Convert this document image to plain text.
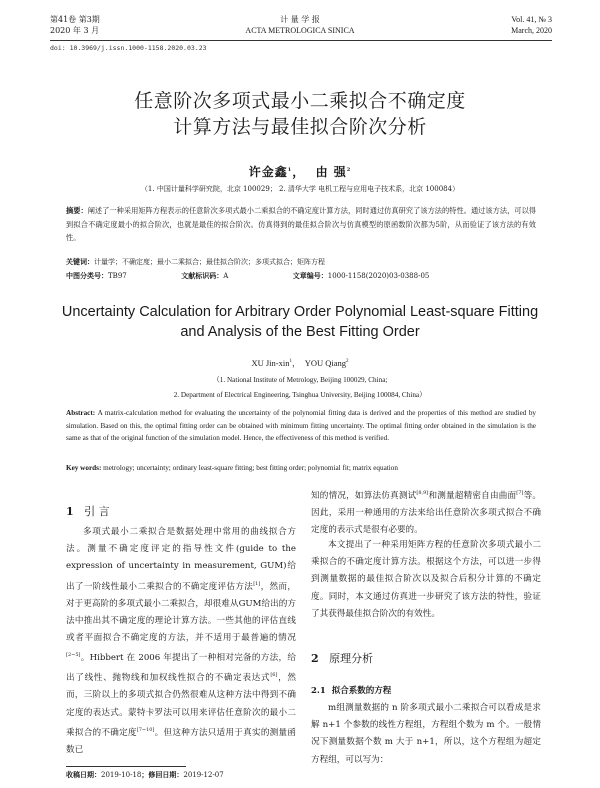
第41卷 第3期
2020 年 3 月
计 量 学 报
ACTA METROLOGICA SINICA
Vol. 41, № 3
March, 2020
doi: 10.3969/j.issn.1000-1158.2020.03.23
任意阶次多项式最小二乘拟合不确定度
计算方法与最佳拟合阶次分析
许金鑫$^1$， 由 强$^2$
（1. 中国计量科学研究院，北京 100029； 2. 清华大学 电机工程与应用电子技术系，北京 100084）
摘要：阐述了一种采用矩阵方程表示的任意阶次多项式最小二乘拟合的不确定度计算方法，同时通过仿真研究了该方法的特性。通过该方法，可以得到拟合不确定度最小的拟合阶次，也就是最佳的拟合阶次。仿真得到的最佳拟合阶次与仿真模型的原函数阶次都为5阶，从而验证了该方法的有效性。
关键词：计量学；不确定度；最小二乘拟合；最佳拟合阶次；多项式拟合；矩阵方程
中图分类号：TB97	文献标识码：A	文章编号：1000-1158(2020)03-0388-05
Uncertainty Calculation for Arbitrary Order Polynomial Least-square Fitting
and Analysis of the Best Fitting Order
XU Jin-xin$^1$， YOU Qiang$^2$
（1. National Institute of Metrology, Beijing 100029, China;
2. Department of Electrical Engineering, Tsinghua University, Beijing 100084, China）
Abstract: A matrix-calculation method for evaluating the uncertainty of the polynomial fitting data is derived and the properties of this method are studied by simulation. Based on this, the optimal fitting order can be obtained with minimum fitting uncertainty. The optimal fitting order obtained in the simulation is the same as that of the original function of the simulation model. Hence, the effectiveness of this method is verified.
Key words: metrology; uncertainty; ordinary least-square fitting; best fitting order; polynomial fit; matrix equation
1 引 言
多项式最小二乘拟合是数据处理中常用的曲线拟合方法。测量不确定度评定的指导性文件(guide to the expression of uncertainty in measurement, GUM)给出了一阶线性最小二乘拟合的不确定度评估方法[1]，然而，对于更高阶的多项式最小二乘拟合，却很难从GUM给出的方法中推出其不确定度的理论计算方法。一些其他的评估直线或者平面拟合不确定度的方法，并不适用于最普遍的情况[2~5]。Hibbert 在 2006 年提出了一种相对完备的方法，给出了线性、抛物线和加权线性拟合的不确定表达式[6]，然而，三阶以上的多项式拟合仍然很难从这种方法中得到不确定度的表达式。蒙特卡罗法可以用来评估任意阶次的最小二乘拟合的不确定度[7~10]。但这种方法只适用于真实的测量函数已
知的情况，如算法仿真测试[8,9]和测量超精密自由曲面[7]等。因此，采用一种通用的方法来给出任意阶次多项式拟合不确定度的表示式是很有必要的。
本文提出了一种采用矩阵方程的任意阶次多项式最小二乘拟合的不确定度计算方法。根据这个方法，可以进一步得到测量数据的最佳拟合阶次以及拟合后积分计算的不确定度。同时，本文通过仿真进一步研究了该方法的特性，验证了其获得最佳拟合阶次的有效性。
2 原理分析
2.1 拟合系数的方程
m组测量数据的 n 阶多项式最小二乘拟合可以看成是求解 n+1 个参数的线性方程组，方程组个数为 m 个。一般情况下测量数据个数 m 大于 n+1，所以，这个方程组为超定方程组，可以写为：
收稿日期：2019-10-18；修回日期：2019-12-07
